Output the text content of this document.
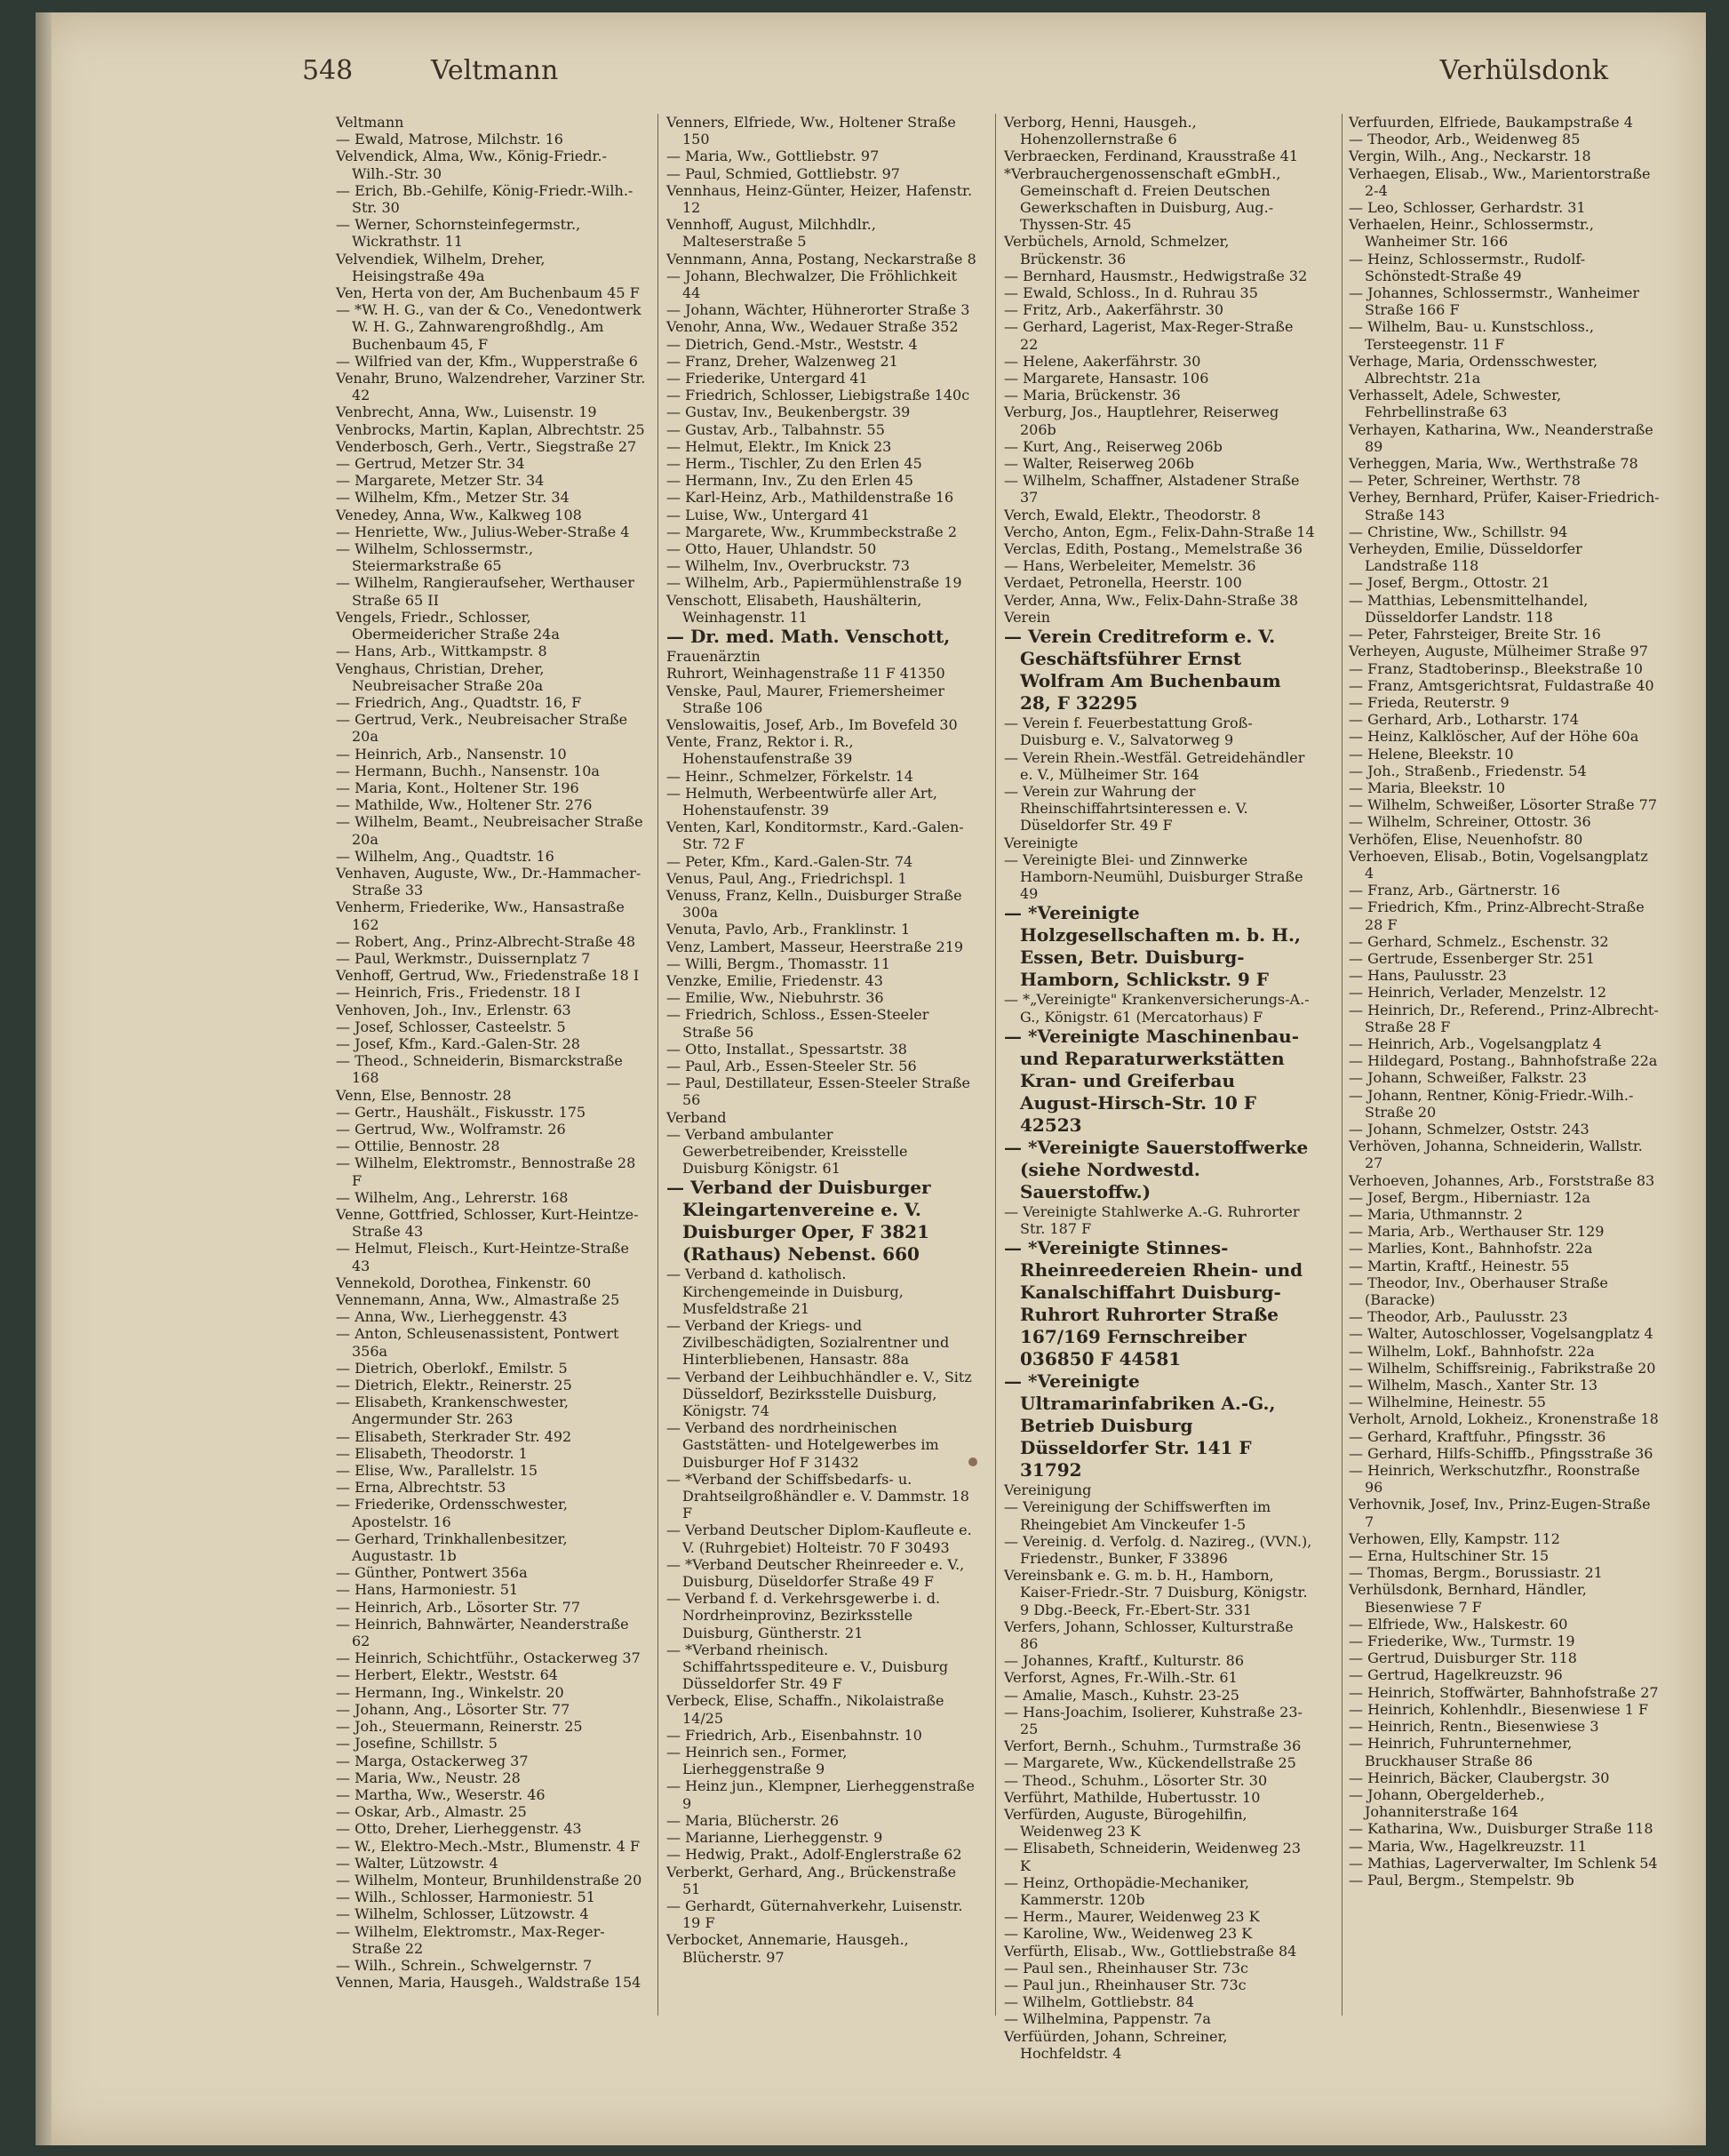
548	Veltmann	Verhülsdonk

Veltmann

— Ewald, Matrose, Milchstr. 16

Velvendick, Alma, Ww., König-Friedr.-Wilh.-Str. 30

— Erich, Bb.-Gehilfe, König-Friedr.-Wilh.-Str. 30

— Werner, Schornsteinfegermstr., Wickrathstr. 11

Velvendiek, Wilhelm, Dreher, Heisingstraße 49a

Ven, Herta von der, Am Buchenbaum 45 F

— *W. H. G., van der & Co., Venedontwerk W. H. G., Zahnwarengroßhdlg., Am Buchenbaum 45, F

— Wilfried van der, Kfm., Wupperstraße 6

Venahr, Bruno, Walzendreher, Varziner Str. 42

Venbrecht, Anna, Ww., Luisenstr. 19

Venbrocks, Martin, Kaplan, Albrechtstr. 25

Venderbosch, Gerh., Vertr., Siegstraße 27

— Gertrud, Metzer Str. 34

— Margarete, Metzer Str. 34

— Wilhelm, Kfm., Metzer Str. 34

Venedey, Anna, Ww., Kalkweg 108

— Henriette, Ww., Julius-Weber-Straße 4

— Wilhelm, Schlossermstr., Steiermarkstraße 65

— Wilhelm, Rangieraufseher, Werthauser Straße 65 II

Vengels, Friedr., Schlosser, Obermeidericher Straße 24a

— Hans, Arb., Wittkampstr. 8

Venghaus, Christian, Dreher, Neubreisacher Straße 20a

— Friedrich, Ang., Quadtstr. 16, F

— Gertrud, Verk., Neubreisacher Straße 20a

— Heinrich, Arb., Nansenstr. 10

— Hermann, Buchh., Nansenstr. 10a

— Maria, Kont., Holtener Str. 196

— Mathilde, Ww., Holtener Str. 276

— Wilhelm, Beamt., Neubreisacher Straße 20a

— Wilhelm, Ang., Quadtstr. 16

Venhaven, Auguste, Ww., Dr.-Hammacher-Straße 33

Venherm, Friederike, Ww., Hansastraße 162

— Robert, Ang., Prinz-Albrecht-Straße 48

— Paul, Werkmstr., Duissernplatz 7

Venhoff, Gertrud, Ww., Friedenstraße 18 I

— Heinrich, Fris., Friedenstr. 18 I

Venhoven, Joh., Inv., Erlenstr. 63

— Josef, Schlosser, Casteelstr. 5

— Josef, Kfm., Kard.-Galen-Str. 28

— Theod., Schneiderin, Bismarckstraße 168

Venn, Else, Bennostr. 28

— Gertr., Haushält., Fiskusstr. 175

— Gertrud, Ww., Wolframstr. 26

— Ottilie, Bennostr. 28

— Wilhelm, Elektromstr., Bennostraße 28 F

— Wilhelm, Ang., Lehrerstr. 168

Venne, Gottfried, Schlosser, Kurt-Heintze-Straße 43

— Helmut, Fleisch., Kurt-Heintze-Straße 43

Vennekold, Dorothea, Finkenstr. 60

Vennemann, Anna, Ww., Almastraße 25

— Anna, Ww., Lierheggenstr. 43

— Anton, Schleusenassistent, Pontwert 356a

— Dietrich, Oberlokf., Emilstr. 5

— Dietrich, Elektr., Reinerstr. 25

— Elisabeth, Krankenschwester, Angermunder Str. 263

— Elisabeth, Sterkrader Str. 492

— Elisabeth, Theodorstr. 1

— Elise, Ww., Parallelstr. 15

— Erna, Albrechtstr. 53

— Friederike, Ordensschwester, Apostelstr. 16

— Gerhard, Trinkhallenbesitzer, Augustastr. 1b

— Günther, Pontwert 356a

— Hans, Harmoniestr. 51

— Heinrich, Arb., Lösorter Str. 77

— Heinrich, Bahnwärter, Neanderstraße 62

— Heinrich, Schichtführ., Ostackerweg 37

— Herbert, Elektr., Weststr. 64

— Hermann, Ing., Winkelstr. 20

— Johann, Ang., Lösorter Str. 77

— Joh., Steuermann, Reinerstr. 25

— Josefine, Schillstr. 5

— Marga, Ostackerweg 37

— Maria, Ww., Neustr. 28

— Martha, Ww., Weserstr. 46

— Oskar, Arb., Almastr. 25

— Otto, Dreher, Lierheggenstr. 43

— W., Elektro-Mech.-Mstr., Blumenstr. 4 F

— Walter, Lützowstr. 4

— Wilhelm, Monteur, Brunhildenstraße 20

— Wilh., Schlosser, Harmoniestr. 51

— Wilhelm, Schlosser, Lützowstr. 4

— Wilhelm, Elektromstr., Max-Reger-Straße 22

— Wilh., Schrein., Schwelgernstr. 7

Vennen, Maria, Hausgeh., Waldstraße 154

Venners, Elfriede, Ww., Holtener Straße 150

— Maria, Ww., Gottliebstr. 97

— Paul, Schmied, Gottliebstr. 97

Vennhaus, Heinz-Günter, Heizer, Hafenstr. 12

Vennhoff, August, Milchhdlr., Malteserstraße 5

Vennmann, Anna, Postang, Neckarstraße 8

— Johann, Blechwalzer, Die Fröhlichkeit 44

— Johann, Wächter, Hühnerorter Straße 3

Venohr, Anna, Ww., Wedauer Straße 352

— Dietrich, Gend.-Mstr., Weststr. 4

— Franz, Dreher, Walzenweg 21

— Friederike, Untergard 41

— Friedrich, Schlosser, Liebigstraße 140c

— Gustav, Inv., Beukenbergstr. 39

— Gustav, Arb., Talbahnstr. 55

— Helmut, Elektr., Im Knick 23

— Herm., Tischler, Zu den Erlen 45

— Hermann, Inv., Zu den Erlen 45

— Karl-Heinz, Arb., Mathildenstraße 16

— Luise, Ww., Untergard 41

— Margarete, Ww., Krummbeckstraße 2

— Otto, Hauer, Uhlandstr. 50

— Wilhelm, Inv., Overbruckstr. 73

— Wilhelm, Arb., Papiermühlenstraße 19

Venschott, Elisabeth, Haushälterin, Weinhagenstr. 11

— Dr. med. Math. Venschott,

Frauenärztin

Ruhrort, Weinhagenstraße 11 F 41350

Venske, Paul, Maurer, Friemersheimer Straße 106

Venslowaitis, Josef, Arb., Im Bovefeld 30

Vente, Franz, Rektor i. R., Hohenstaufenstraße 39

— Heinr., Schmelzer, Förkelstr. 14

— Helmuth, Werbeentwürfe aller Art, Hohenstaufenstr. 39

Venten, Karl, Konditormstr., Kard.-Galen-Str. 72 F

— Peter, Kfm., Kard.-Galen-Str. 74

Venus, Paul, Ang., Friedrichspl. 1

Venuss, Franz, Kelln., Duisburger Straße 300a

Venuta, Pavlo, Arb., Franklinstr. 1

Venz, Lambert, Masseur, Heerstraße 219

— Willi, Bergm., Thomasstr. 11

Venzke, Emilie, Friedenstr. 43

— Emilie, Ww., Niebuhrstr. 36

— Friedrich, Schloss., Essen-Steeler Straße 56

— Otto, Installat., Spessartstr. 38

— Paul, Arb., Essen-Steeler Str. 56

— Paul, Destillateur, Essen-Steeler Straße 56

Verband

— Verband ambulanter Gewerbetreibender, Kreisstelle Duisburg Königstr. 61

— Verband der Duisburger Kleingartenvereine e. V. Duisburger Oper, F 3821 (Rathaus) Nebenst. 660

— Verband d. katholisch. Kirchengemeinde in Duisburg, Musfeldstraße 21

— Verband der Kriegs- und Zivilbeschädigten, Sozialrentner und Hinterbliebenen, Hansastr. 88a

— Verband der Leihbuchhändler e. V., Sitz Düsseldorf, Bezirksstelle Duisburg, Königstr. 74

— Verband des nordrheinischen Gaststätten- und Hotelgewerbes im Duisburger Hof F 31432

— *Verband der Schiffsbedarfs- u. Drahtseilgroßhändler e. V. Dammstr. 18 F

— Verband Deutscher Diplom-Kaufleute e. V. (Ruhrgebiet) Holteistr. 70 F 30493

— *Verband Deutscher Rheinreeder e. V., Duisburg, Düseldorfer Straße 49 F

— Verband f. d. Verkehrsgewerbe i. d. Nordrheinprovinz, Bezirksstelle Duisburg, Güntherstr. 21

— *Verband rheinisch. Schiffahrtsspediteure e. V., Duisburg Düsseldorfer Str. 49 F

Verbeck, Elise, Schaffn., Nikolaistraße 14/25

— Friedrich, Arb., Eisenbahnstr. 10

— Heinrich sen., Former, Lierheggenstraße 9

— Heinz jun., Klempner, Lierheggenstraße 9

— Maria, Blücherstr. 26

— Marianne, Lierheggenstr. 9

— Hedwig, Prakt., Adolf-Englerstraße 62

Verberkt, Gerhard, Ang., Brückenstraße 51

— Gerhardt, Güternahverkehr, Luisenstr. 19 F

Verbocket, Annemarie, Hausgeh., Blücherstr. 97

Verborg, Henni, Hausgeh., Hohenzollernstraße 6

Verbraecken, Ferdinand, Krausstraße 41

*Verbrauchergenossenschaft eGmbH., Gemeinschaft d. Freien Deutschen Gewerkschaften in Duisburg, Aug.-Thyssen-Str. 45

Verbüchels, Arnold, Schmelzer, Brückenstr. 36

— Bernhard, Hausmstr., Hedwigstraße 32

— Ewald, Schloss., In d. Ruhrau 35

— Fritz, Arb., Aakerfährstr. 30

— Gerhard, Lagerist, Max-Reger-Straße 22

— Helene, Aakerfährstr. 30

— Margarete, Hansastr. 106

— Maria, Brückenstr. 36

Verburg, Jos., Hauptlehrer, Reiserweg 206b

— Kurt, Ang., Reiserweg 206b

— Walter, Reiserweg 206b

— Wilhelm, Schaffner, Alstadener Straße 37

Verch, Ewald, Elektr., Theodorstr. 8

Vercho, Anton, Egm., Felix-Dahn-Straße 14

Verclas, Edith, Postang., Memelstraße 36

— Hans, Werbeleiter, Memelstr. 36

Verdaet, Petronella, Heerstr. 100

Verder, Anna, Ww., Felix-Dahn-Straße 38

Verein

— Verein Creditreform e. V. Geschäftsführer Ernst Wolfram Am Buchenbaum 28, F 32295

— Verein f. Feuerbestattung Groß-Duisburg e. V., Salvatorweg 9

— Verein Rhein.-Westfäl. Getreidehändler e. V., Mülheimer Str. 164

— Verein zur Wahrung der Rheinschiffahrtsinteressen e. V. Düseldorfer Str. 49 F

Vereinigte

— Vereinigte Blei- und Zinnwerke Hamborn-Neumühl, Duisburger Straße 49

— *Vereinigte Holzgesellschaften m. b. H., Essen, Betr. Duisburg-Hamborn, Schlickstr. 9 F

— *„Vereinigte" Krankenversicherungs-A.-G., Königstr. 61 (Mercatorhaus) F

— *Vereinigte Maschinenbau- und Reparaturwerkstätten Kran- und Greiferbau August-Hirsch-Str. 10 F 42523

— *Vereinigte Sauerstoffwerke (siehe Nordwestd. Sauerstoffw.)

— Vereinigte Stahlwerke A.-G. Ruhrorter Str. 187 F

— *Vereinigte Stinnes-Rheinreedereien Rhein- und Kanalschiffahrt Duisburg-Ruhrort Ruhrorter Straße 167/169 Fernschreiber 036850 F 44581

— *Vereinigte Ultramarinfabriken A.-G., Betrieb Duisburg Düsseldorfer Str. 141 F 31792

Vereinigung

— Vereinigung der Schiffswerften im Rheingebiet Am Vinckeufer 1-5

— Vereinig. d. Verfolg. d. Nazireg., (VVN.), Friedenstr., Bunker, F 33896

Vereinsbank e. G. m. b. H., Hamborn, Kaiser-Friedr.-Str. 7 Duisburg, Königstr. 9 Dbg.-Beeck, Fr.-Ebert-Str. 331

Verfers, Johann, Schlosser, Kulturstraße 86

— Johannes, Kraftf., Kulturstr. 86

Verforst, Agnes, Fr.-Wilh.-Str. 61

— Amalie, Masch., Kuhstr. 23-25

— Hans-Joachim, Isolierer, Kuhstraße 23-25

Verfort, Bernh., Schuhm., Turmstraße 36

— Margarete, Ww., Kückendellstraße 25

— Theod., Schuhm., Lösorter Str. 30

Verführt, Mathilde, Hubertusstr. 10

Verfürden, Auguste, Bürogehilfin, Weidenweg 23 K

— Elisabeth, Schneiderin, Weidenweg 23 K

— Heinz, Orthopädie-Mechaniker, Kammerstr. 120b

— Herm., Maurer, Weidenweg 23 K

— Karoline, Ww., Weidenweg 23 K

Verfürth, Elisab., Ww., Gottliebstraße 84

— Paul sen., Rheinhauser Str. 73c

— Paul jun., Rheinhauser Str. 73c

— Wilhelm, Gottliebstr. 84

— Wilhelmina, Pappenstr. 7a

Verfüürden, Johann, Schreiner, Hochfeldstr. 4

Verfuurden, Elfriede, Baukampstraße 4

— Theodor, Arb., Weidenweg 85

Vergin, Wilh., Ang., Neckarstr. 18

Verhaegen, Elisab., Ww., Marientorstraße 2-4

— Leo, Schlosser, Gerhardstr. 31

Verhaelen, Heinr., Schlossermstr., Wanheimer Str. 166

— Heinz, Schlossermstr., Rudolf-Schönstedt-Straße 49

— Johannes, Schlossermstr., Wanheimer Straße 166 F

— Wilhelm, Bau- u. Kunstschloss., Tersteegenstr. 11 F

Verhage, Maria, Ordensschwester, Albrechtstr. 21a

Verhasselt, Adele, Schwester, Fehrbellinstraße 63

Verhayen, Katharina, Ww., Neanderstraße 89

Verheggen, Maria, Ww., Werthstraße 78

— Peter, Schreiner, Werthstr. 78

Verhey, Bernhard, Prüfer, Kaiser-Friedrich-Straße 143

— Christine, Ww., Schillstr. 94

Verheyden, Emilie, Düsseldorfer Landstraße 118

— Josef, Bergm., Ottostr. 21

— Matthias, Lebensmittelhandel, Düsseldorfer Landstr. 118

— Peter, Fahrsteiger, Breite Str. 16

Verheyen, Auguste, Mülheimer Straße 97

— Franz, Stadtoberinsp., Bleekstraße 10

— Franz, Amtsgerichtsrat, Fuldastraße 40

— Frieda, Reuterstr. 9

— Gerhard, Arb., Lotharstr. 174

— Heinz, Kalklöscher, Auf der Höhe 60a

— Helene, Bleekstr. 10

— Joh., Straßenb., Friedenstr. 54

— Maria, Bleekstr. 10

— Wilhelm, Schweißer, Lösorter Straße 77

— Wilhelm, Schreiner, Ottostr. 36

Verhöfen, Elise, Neuenhofstr. 80

Verhoeven, Elisab., Botin, Vogelsangplatz 4

— Franz, Arb., Gärtnerstr. 16

— Friedrich, Kfm., Prinz-Albrecht-Straße 28 F

— Gerhard, Schmelz., Eschenstr. 32

— Gertrude, Essenberger Str. 251

— Hans, Paulusstr. 23

— Heinrich, Verlader, Menzelstr. 12

— Heinrich, Dr., Referend., Prinz-Albrecht-Straße 28 F

— Heinrich, Arb., Vogelsangplatz 4

— Hildegard, Postang., Bahnhofstraße 22a

— Johann, Schweißer, Falkstr. 23

— Johann, Rentner, König-Friedr.-Wilh.-Straße 20

— Johann, Schmelzer, Oststr. 243

Verhöven, Johanna, Schneiderin, Wallstr. 27

Verhoeven, Johannes, Arb., Forststraße 83

— Josef, Bergm., Hiberniastr. 12a

— Maria, Uthmannstr. 2

— Maria, Arb., Werthauser Str. 129

— Marlies, Kont., Bahnhofstr. 22a

— Martin, Kraftf., Heinestr. 55

— Theodor, Inv., Oberhauser Straße (Baracke)

— Theodor, Arb., Paulusstr. 23

— Walter, Autoschlosser, Vogelsangplatz 4

— Wilhelm, Lokf., Bahnhofstr. 22a

— Wilhelm, Schiffsreinig., Fabrikstraße 20

— Wilhelm, Masch., Xanter Str. 13

— Wilhelmine, Heinestr. 55

Verholt, Arnold, Lokheiz., Kronenstraße 18

— Gerhard, Kraftfuhr., Pfingsstr. 36

— Gerhard, Hilfs-Schiffb., Pfingsstraße 36

— Heinrich, Werkschutzfhr., Roonstraße 96

Verhovnik, Josef, Inv., Prinz-Eugen-Straße 7

Verhowen, Elly, Kampstr. 112

— Erna, Hultschiner Str. 15

— Thomas, Bergm., Borussiastr. 21

Verhülsdonk, Bernhard, Händler, Biesenwiese 7 F

— Elfriede, Ww., Halskestr. 60

— Friederike, Ww., Turmstr. 19

— Gertrud, Duisburger Str. 118

— Gertrud, Hagelkreuzstr. 96

— Heinrich, Stoffwärter, Bahnhofstraße 27

— Heinrich, Kohlenhdlr., Biesenwiese 1 F

— Heinrich, Rentn., Biesenwiese 3

— Heinrich, Fuhrunternehmer, Bruckhauser Straße 86

— Heinrich, Bäcker, Claubergstr. 30

— Johann, Obergelderheb., Johanniterstraße 164

— Katharina, Ww., Duisburger Straße 118

— Maria, Ww., Hagelkreuzstr. 11

— Mathias, Lagerverwalter, Im Schlenk 54

— Paul, Bergm., Stempelstr. 9b
